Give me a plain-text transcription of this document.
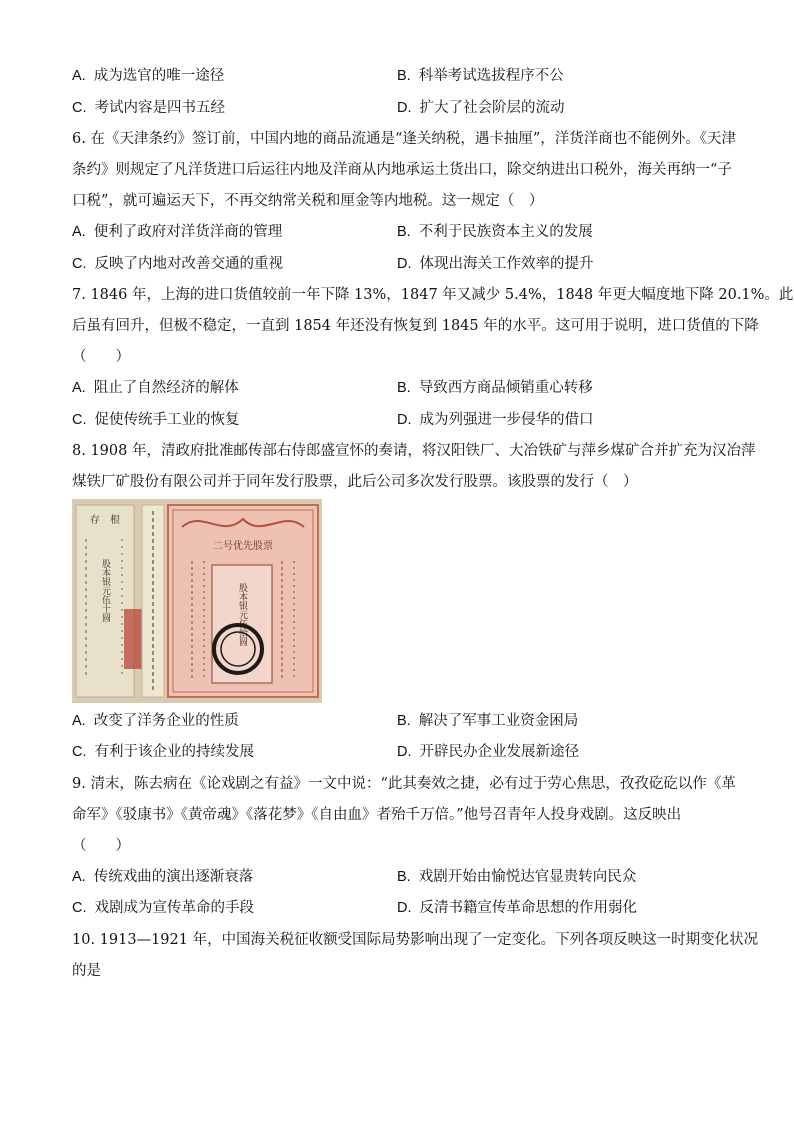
A. 成为选官的唯一途径	B. 科举考试选拔程序不公
C. 考试内容是四书五经	D. 扩大了社会阶层的流动
6. 在《天津条约》签订前，中国内地的商品流通是“逢关纳税，遇卡抽厘”，洋货洋商也不能例外。《天津
条约》则规定了凡洋货进口后运往内地及洋商从内地承运土货出口，除交纳进出口税外，海关再纳一“子
口税”，就可遍运天下，不再交纳常关税和厘金等内地税。这一规定（　）
A. 便利了政府对洋货洋商的管理	B. 不利于民族资本主义的发展
C. 反映了内地对改善交通的重视	D. 体现出海关工作效率的提升
7. 1846 年，上海的进口货值较前一年下降 13%，1847 年又减少 5.4%，1848 年更大幅度地下降 20.1%。此
后虽有回升，但极不稳定，一直到 1854 年还没有恢复到 1845 年的水平。这可用于说明，进口货值的下降
（　　）
A. 阻止了自然经济的解体	B. 导致西方商品倾销重心转移
C. 促使传统手工业的恢复	D. 成为列强进一步侵华的借口
8. 1908 年，清政府批准邮传部右侍郎盛宣怀的奏请，将汉阳铁厂、大冶铁矿与萍乡煤矿合并扩充为汉冶萍
煤铁厂矿股份有限公司并于同年发行股票，此后公司多次发行股票。该股票的发行（　）
存　根
股本银元伍十圆
二号优先股票
股本银元伍拾圆
A. 改变了洋务企业的性质	B. 解决了军事工业资金困局
C. 有利于该企业的持续发展	D. 开辟民办企业发展新途径
9. 清末，陈去病在《论戏剧之有益》一文中说：“此其奏效之捷，必有过于劳心焦思，孜孜矻矻以作《革
命军》《驳康书》《黄帝魂》《落花梦》《自由血》者殆千万倍。”他号召青年人投身戏剧。这反映出
（　　）
A. 传统戏曲的演出逐渐衰落	B. 戏剧开始由愉悦达官显贵转向民众
C. 戏剧成为宣传革命的手段	D. 反清书籍宣传革命思想的作用弱化
10. 1913—1921 年，中国海关税征收额受国际局势影响出现了一定变化。下列各项反映这一时期变化状况
的是
